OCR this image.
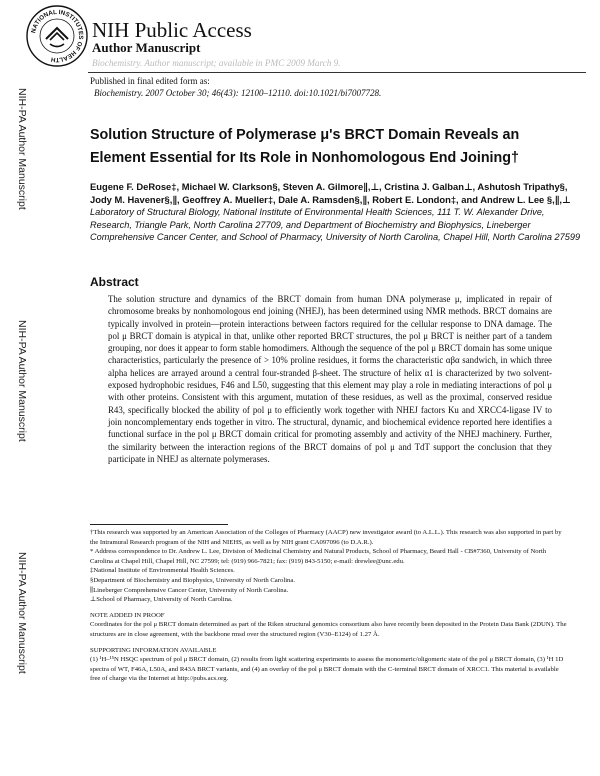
NATIONAL INSTITUTES OF HEALTH
NIH Public Access
Author Manuscript
Biochemistry. Author manuscript; available in PMC 2009 March 9.
Published in final edited form as:
Biochemistry. 2007 October 30; 46(43): 12100–12110. doi:10.1021/bi7007728.
NIH-PA Author Manuscript
NIH-PA Author Manuscript
NIH-PA Author Manuscript
Solution Structure of Polymerase μ's BRCT Domain Reveals an Element Essential for Its Role in Nonhomologous End Joining†
Eugene F. DeRose‡, Michael W. Clarkson§, Steven A. Gilmore∥,⊥, Cristina J. Galban⊥, Ashutosh Tripathy§, Jody M. Havener§,∥, Geoffrey A. Mueller‡, Dale A. Ramsden§,∥, Robert E. London‡, and Andrew L. Lee §,∥,⊥
Laboratory of Structural Biology, National Institute of Environmental Health Sciences, 111 T. W. Alexander Drive, Research, Triangle Park, North Carolina 27709, and Department of Biochemistry and Biophysics, Lineberger Comprehensive Cancer Center, and School of Pharmacy, University of North Carolina, Chapel Hill, North Carolina 27599
Abstract
The solution structure and dynamics of the BRCT domain from human DNA polymerase μ, implicated in repair of chromosome breaks by nonhomologous end joining (NHEJ), has been determined using NMR methods. BRCT domains are typically involved in protein—protein interactions between factors required for the cellular response to DNA damage. The pol μ BRCT domain is atypical in that, unlike other reported BRCT structures, the pol μ BRCT is neither part of a tandem grouping, nor does it appear to form stable homodimers. Although the sequence of the pol μ BRCT domain has some unique characteristics, particularly the presence of > 10% proline residues, it forms the characteristic αβα sandwich, in which three alpha helices are arrayed around a central four-stranded β-sheet. The structure of helix α1 is characterized by two solvent-exposed hydrophobic residues, F46 and L50, suggesting that this element may play a role in mediating interactions of pol μ with other proteins. Consistent with this argument, mutation of these residues, as well as the proximal, conserved residue R43, specifically blocked the ability of pol μ to efficiently work together with NHEJ factors Ku and XRCC4-ligase IV to join noncomplementary ends together in vitro. The structural, dynamic, and biochemical evidence reported here identifies a functional surface in the pol μ BRCT domain critical for promoting assembly and activity of the NHEJ machinery. Further, the similarity between the interaction regions of the BRCT domains of pol μ and TdT support the conclusion that they participate in NHEJ as alternate polymerases.
†This research was supported by an American Association of the Colleges of Pharmacy (AACP) new investigator award (to A.L.L.). This research was also supported in part by the Intramural Research program of the NIH and NIEHS, as well as by NIH grant CA097096 (to D.A.R.).
* Address correspondence to Dr. Andrew L. Lee, Division of Medicinal Chemistry and Natural Products, School of Pharmacy, Beard Hall - CB#7360, University of North Carolina at Chapel Hill, Chapel Hill, NC 27599; tel: (919) 966-7821; fax: (919) 843-5150; e-mail: drewlee@unc.edu.
‡National Institute of Environmental Health Sciences.
§Department of Biochemistry and Biophysics, University of North Carolina.
∥Lineberger Comprehensive Cancer Center, University of North Carolina.
⊥School of Pharmacy, University of North Carolina.
NOTE ADDED IN PROOF
Coordinates for the pol μ BRCT domain determined as part of the Riken structural genomics consortium also have recently been deposited in the Protein Data Bank (2DUN). The structures are in close agreement, with the backbone rmsd over the structured region (V30–E124) of 1.27 Å.
SUPPORTING INFORMATION AVAILABLE
(1) ¹H–¹⁵N HSQC spectrum of pol μ BRCT domain, (2) results from light scattering experiments to assess the monomeric/oligomeric state of the pol μ BRCT domain, (3) ¹H 1D spectra of WT, F46A, L50A, and R43A BRCT variants, and (4) an overlay of the pol μ BRCT domain with the C-terminal BRCT domain of XRCC1. This material is available free of charge via the Internet at http://pubs.acs.org.
